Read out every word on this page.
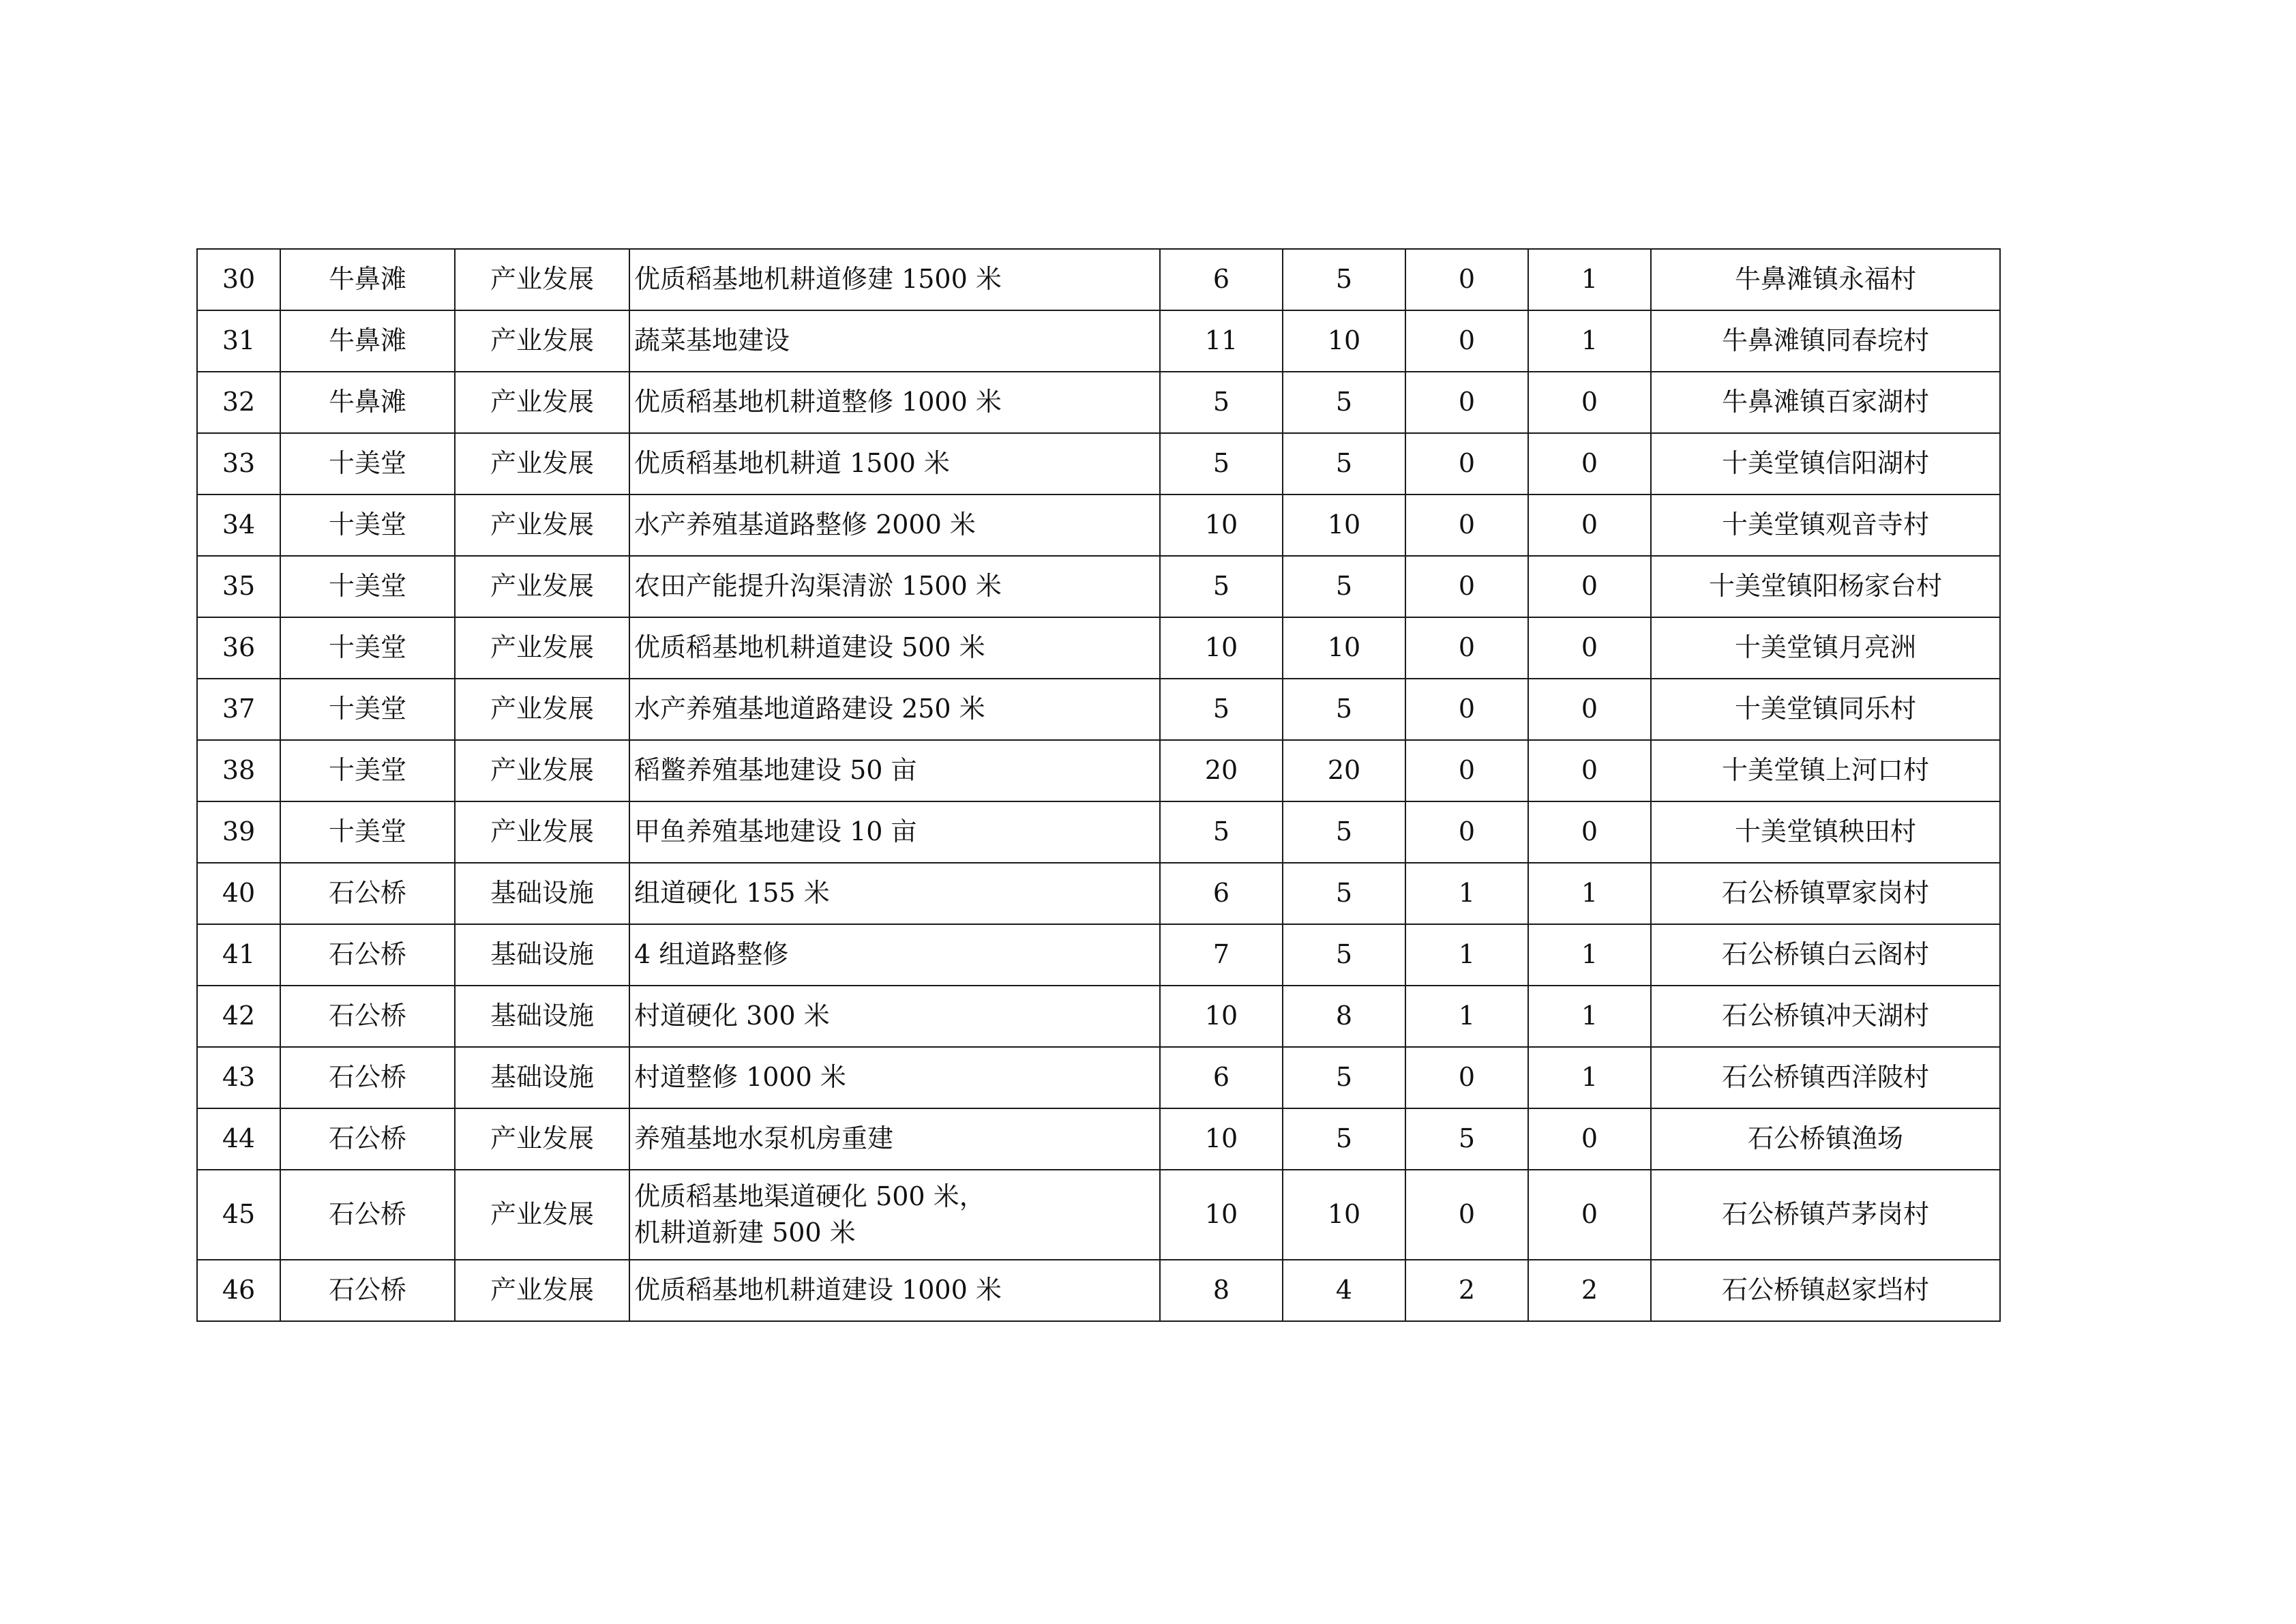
30	牛鼻滩	产业发展	优质稻基地机耕道修建 1500 米	6	5	0	1	牛鼻滩镇永福村
31	牛鼻滩	产业发展	蔬菜基地建设	11	10	0	1	牛鼻滩镇同春垸村
32	牛鼻滩	产业发展	优质稻基地机耕道整修 1000 米	5	5	0	0	牛鼻滩镇百家湖村
33	十美堂	产业发展	优质稻基地机耕道 1500 米	5	5	0	0	十美堂镇信阳湖村
34	十美堂	产业发展	水产养殖基道路整修 2000 米	10	10	0	0	十美堂镇观音寺村
35	十美堂	产业发展	农田产能提升沟渠清淤 1500 米	5	5	0	0	十美堂镇阳杨家台村
36	十美堂	产业发展	优质稻基地机耕道建设 500 米	10	10	0	0	十美堂镇月亮洲
37	十美堂	产业发展	水产养殖基地道路建设 250 米	5	5	0	0	十美堂镇同乐村
38	十美堂	产业发展	稻鳖养殖基地建设 50 亩	20	20	0	0	十美堂镇上河口村
39	十美堂	产业发展	甲鱼养殖基地建设 10 亩	5	5	0	0	十美堂镇秧田村
40	石公桥	基础设施	组道硬化 155 米	6	5	1	1	石公桥镇覃家岗村
41	石公桥	基础设施	4 组道路整修	7	5	1	1	石公桥镇白云阁村
42	石公桥	基础设施	村道硬化 300 米	10	8	1	1	石公桥镇冲天湖村
43	石公桥	基础设施	村道整修 1000 米	6	5	0	1	石公桥镇西洋陂村
44	石公桥	产业发展	养殖基地水泵机房重建	10	5	5	0	石公桥镇渔场
45	石公桥	产业发展	优质稻基地渠道硬化 500 米，
机耕道新建 500 米	10	10	0	0	石公桥镇芦茅岗村
46	石公桥	产业发展	优质稻基地机耕道建设 1000 米	8	4	2	2	石公桥镇赵家垱村
